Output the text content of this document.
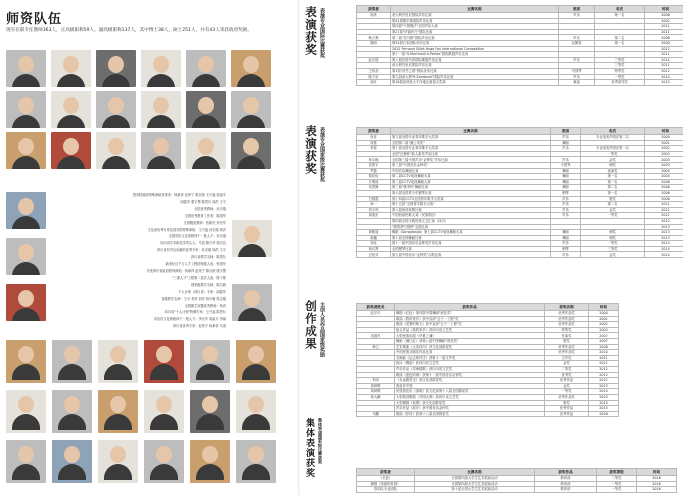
师资队伍
现有在职专任教师363人，正高级职称59人、副高级职称137人，其中博士38人，硕士251人，并有43人荣获政府奖励。
国务院政府特殊津贴获得者：杨承祥 赵荣宁 陈自统 王兴福 周祖平
阎铭华 康宇慧 陈恩尔 杨洪 王平
全国优秀教师：孙宗瑞
全国优秀教育工作者：陈国华
全国模范教师：张新民 李光华
文化部优秀专家及国务院特殊津贴：王兴福 孙宗瑞 杨洪
全国宣传文化系统四个一批人才：孙宗瑞
四川省学术和技术带头人：马清 陈兴华 周宗良
四川省有突出贡献的优秀专家：孙宗瑞 杨洪 王平
四川省教学名师：陈恩尔
新世纪百千万人才工程国家级人选：张国华
享受四川省政府特殊津贴：杨承祥 赵荣宁 陈自统 康宇慧
"三重人才"工程第二层次人选：陈子豪
国家级教学名师：陈自统
千人计划（四川省）专家：阎铭华
省级教学名师：王平 李萍 刘洋 杨小敏 张志刚
全国德艺双馨优秀教师：杨洪
四川省"千人计划"特聘专家：王兴福 陈恩尔
省宣传文化系统四个一批人才：李光华 周祖平 李斌
四川省优秀专家：赵荣宁 杨承祥 马清
表演获奖 表演专业国际比赛获奖	获奖者	比赛名称	类别	名次	时间
杨洪	意大利贝里尼国际声乐比赛	声乐	第一名	2006
	第41届维尔第国际声乐比赛			2002
	第四届"中国唱法"全国声乐大赛			2011
	第27届"伊丽莎白"国际比赛			2011
韩占利	第二届"托马斯"国际声乐比赛	声乐	第二名	2006
陈明	第35届日本国际音乐比赛	双簧管	第一名	2009
	2012 Fernand Gillet-Hugo Fox International Competition			2012
	第十一届"G.Martinelli A.Pertile"国际歌剧声乐比赛			2011
赵宗瑞	第八届法国马赛国际歌剧声乐比赛	声乐	三等奖	2011
	意大利贝里尼国际声乐比赛		三等奖	2011
王伟剑	第1届"丝竹之路"国际音乐比赛	中国琴	特等奖	2012
陈子乐	第九届意大利"R.Zandonai"国际声乐比赛	声乐	一等奖	2014
阎月	第16届亚洲及太平洋地区童谣大奖赛	童谣	优秀指导奖	2015
表演获奖 表演专业国家级比赛获奖	获奖者	比赛名称	类别	名次	时间
杜晋	第九届全国专业青年歌手大奖赛	声乐	专业组美声唱法第二名	2000
周蕾	全国第二届"蒲公英奖"	舞蹈		2001
李星	第十届全国专业青年歌手大奖赛	声乐	专业组美声唱法第一名	2002
	全国"红梅杯"新人新作声乐比赛		一等奖	2003
杨宇翰	全国第三届中国声乐"金钟奖"声乐比赛	声乐	金奖	2003
刘思宇	第三届"中国音乐金钟奖"	小提琴	铜奖	2003
罗磊	中国音乐舞蹈比赛	舞蹈	表演奖	2004
秦佳怡	第二届CCTV电视舞蹈大赛	舞蹈	第一名	2004
方明琼	第二届CCTV电视舞蹈大赛	舞蹈	第一名	2006
吴思静	第三届"桃李杯"舞蹈比赛	舞蹈	第二名	2006
	第六届全国青少年钢琴比赛	钢琴	第一名	2006
白银霞	第十四届CCTV全国青年歌手大奖赛	声乐	银奖	2008
杨一	第十五届"全国青年歌手大赛"	声乐	第二名	2011
刘小风	第八届西部民歌比赛	声乐	金奖	2011
周旭东	中国西部民歌大赛（民族唱法）	声乐	一等奖	2012
	第四届全国少数民族文艺汇演（四川）			2012
	"我的梦中国梦"全国比赛			2013
黄路遥	舞蹈《Dongdanjia》第七届CCTV电视舞蹈大赛	舞蹈	铜奖	2013
陈璐	第十届全国舞蹈比赛	舞蹈	铜奖	2013
邹佳	第十一届中国音乐金钟奖声乐比赛	声乐	一等奖	2014
杨纹贤	全国钢琴比赛	钢琴	三等奖	2014
吕桂芬	第九届中国音乐"金钟奖"合唱比赛	声乐	金奖	2014
创作成果 主创人员作品国家级奖励	获奖者姓名	获奖作品	获奖名称	时间
赵宗平	舞剧《红色》第四届中国舞蹈"荷花奖"	优秀作品奖	2000
	歌曲《我的家乡》获中宣部"五个一工程"奖	优秀作品奖	2001
	歌曲《羌寨的明天》获中宣部"五个一工程"奖	优秀作品奖	2002
	组合作品《我的家乡》获四川省文艺奖	特等奖	2003
吴慈舟	大型民族乐剧《华夏之魂》	作曲奖	2007
	舞蹈《满江红》获第八届中国舞蹈"荷花奖"	银奖	2007
韩卫	艺术歌曲《大美四川》获文化部群星奖	优秀作品奖	2008
	中国民族交响乐作品比赛	优秀作品奖	2010
	交响曲《远去的村庄》获第十一届文华奖	文华奖	2011
	组诗《蜀韵》获四川省文艺奖	金奖	2011
	声乐作品《邛海情歌》获四川省文艺奖	二等奖	2012
	歌曲《蓝色的海》获第十一届中国音乐金钟奖	优秀奖	2012
朱明	《永远跟党走》获文化部群星奖	优秀作品	2012
周琦辉	我爱你中国	金奖	2013
周琦辉	民族管弦乐《清明》获文化部第十八届全国群星奖	一等奖	2014
蒋大鹏	大型原创歌剧《开国大典》获四川省文艺奖	优秀作品奖	2015
	大型舞剧《炊烟》获文化部群星奖	银奖	2015
	声乐作品《故乡》获中国音乐金钟奖	优秀作品	2015
马麟	歌曲《你好》获第十八届全国群星奖	优秀作品	2016
集体表演获奖 集体表演国家级比赛获奖
获奖者	比赛名称	获奖作品	获奖等级	时间
《长征》	全国第四届大学生艺术展演活动	教育部	二等奖	2016
舞剧《美丽的家园》	全国第四届大学生艺术展演活动	教育部	一等奖	2016
管乐队专业团队	第十届全国大学生艺术展演活动	教育部	一等奖	2016
